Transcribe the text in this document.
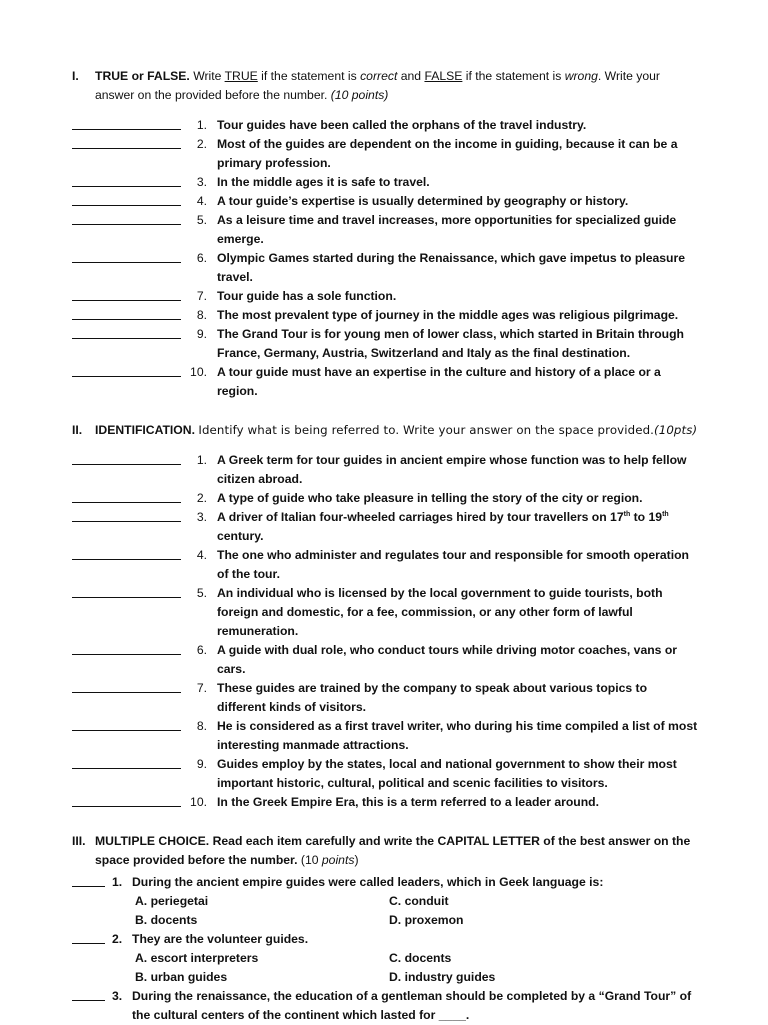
I.	TRUE or FALSE. Write TRUE if the statement is correct and FALSE if the statement is wrong. Write your answer on the provided before the number. (10 points)
1. Tour guides have been called the orphans of the travel industry.
2. Most of the guides are dependent on the income in guiding, because it can be a primary profession.
3. In the middle ages it is safe to travel.
4. A tour guide’s expertise is usually determined by geography or history.
5. As a leisure time and travel increases, more opportunities for specialized guide emerge.
6. Olympic Games started during the Renaissance, which gave impetus to pleasure travel.
7. Tour guide has a sole function.
8. The most prevalent type of journey in the middle ages was religious pilgrimage.
9. The Grand Tour is for young men of lower class, which started in Britain through France, Germany, Austria, Switzerland and Italy as the final destination.
10. A tour guide must have an expertise in the culture and history of a place or a region.
II.	IDENTIFICATION. Identify what is being referred to. Write your answer on the space provided.(10pts)
1. A Greek term for tour guides in ancient empire whose function was to help fellow citizen abroad.
2. A type of guide who take pleasure in telling the story of the city or region.
3. A driver of Italian four-wheeled carriages hired by tour travellers on 17th to 19th century.
4. The one who administer and regulates tour and responsible for smooth operation of the tour.
5. An individual who is licensed by the local government to guide tourists, both foreign and domestic, for a fee, commission, or any other form of lawful remuneration.
6. A guide with dual role, who conduct tours while driving motor coaches, vans or cars.
7. These guides are trained by the company to speak about various topics to different kinds of visitors.
8. He is considered as a first travel writer, who during his time compiled a list of most interesting manmade attractions.
9. Guides employ by the states, local and national government to show their most important historic, cultural, political and scenic facilities to visitors.
10. In the Greek Empire Era, this is a term referred to a leader around.
III. MULTIPLE CHOICE. Read each item carefully and write the CAPITAL LETTER of the best answer on the space provided before the number. (10 points)
1. During the ancient empire guides were called leaders, which in Geek language is:
A. periegetai	C. conduit
B. docents	D. proxemon
2. They are the volunteer guides.
A. escort interpreters	C. docents
B. urban guides	D. industry guides
3. During the renaissance, the education of a gentleman should be completed by a “Grand Tour” of the cultural centers of the continent which lasted for ____.
